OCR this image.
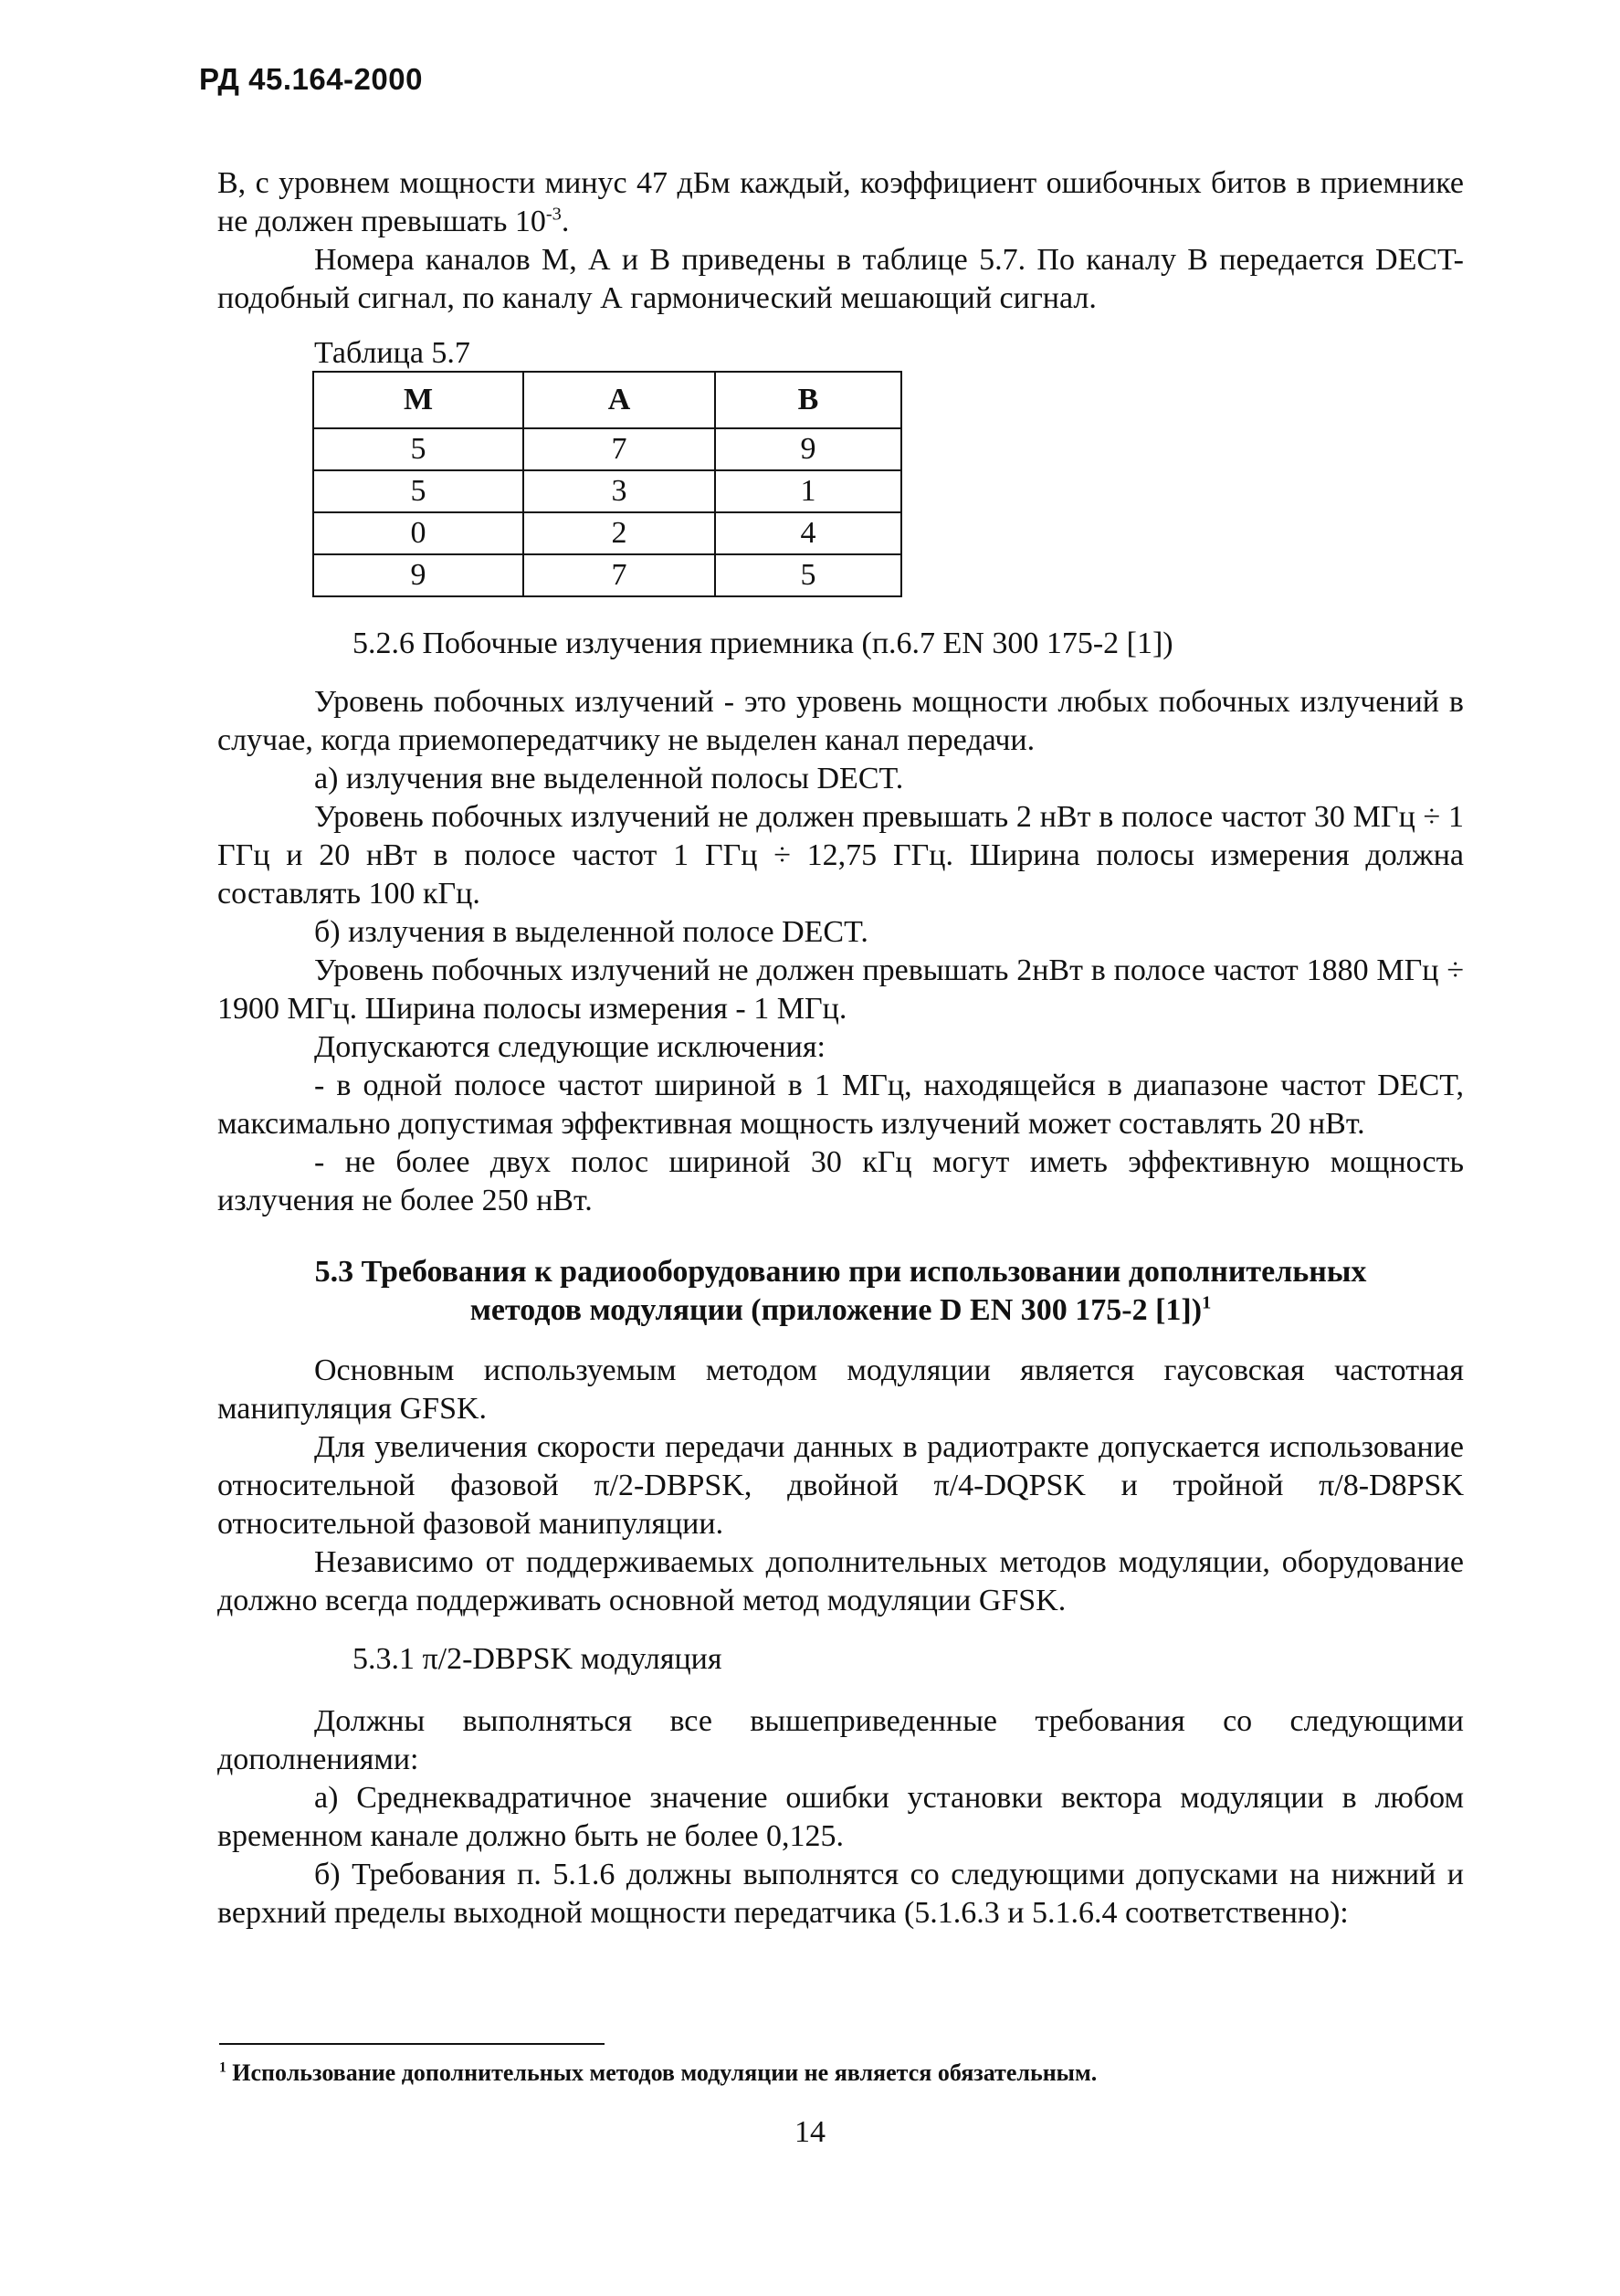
РД 45.164-2000
В, с уровнем мощности минус 47 дБм каждый, коэффициент ошибочных битов в приемнике не должен превышать $10^{-3}$.
Номера каналов М, А и В приведены в таблице 5.7. По каналу В передается DECT-подобный сигнал, по каналу А гармонический мешающий сигнал.
Таблица 5.7
М	А	В
5	7	9
5	3	1
0	2	4
9	7	5
5.2.6 Побочные излучения приемника (п.6.7 EN 300 175-2 [1])
Уровень побочных излучений - это уровень мощности любых побочных излучений в случае, когда приемопередатчику не выделен канал передачи.
а) излучения вне выделенной полосы DECT.
Уровень побочных излучений не должен превышать 2 нВт в полосе частот 30 МГц ÷ 1 ГГц и 20 нВт в полосе частот 1 ГГц ÷ 12,75 ГГц. Ширина полосы измерения должна составлять 100 кГц.
б) излучения в выделенной полосе DECT.
Уровень побочных излучений не должен превышать 2нВт в полосе частот 1880 МГц ÷ 1900 МГц. Ширина полосы измерения - 1 МГц.
Допускаются следующие исключения:
- в одной полосе частот шириной в 1 МГц, находящейся в диапазоне частот DECT, максимально допустимая эффективная мощность излучений может составлять 20 нВт.
- не более двух полос шириной 30 кГц могут иметь эффективную мощность излучения не более 250 нВт.
5.3 Требования к радиооборудованию при использовании дополнительных
методов модуляции (приложение D EN 300 175-2 [1])$^1$
Основным используемым методом модуляции является гаусовская частотная манипуляция GFSK.
Для увеличения скорости передачи данных в радиотракте допускается использование относительной фазовой π/2-DBPSK, двойной π/4-DQPSK и тройной π/8-D8PSK относительной фазовой манипуляции.
Независимо от поддерживаемых дополнительных методов модуляции, оборудование должно всегда поддерживать основной метод модуляции GFSK.
5.3.1 π/2-DBPSK модуляция
Должны выполняться все вышеприведенные требования со следующими дополнениями:
а) Среднеквадратичное значение ошибки установки вектора модуляции в любом временном канале должно быть не более 0,125.
б) Требования п. 5.1.6 должны выполнятся со следующими допусками на нижний и верхний пределы выходной мощности передатчика (5.1.6.3 и 5.1.6.4 соответственно):
$^1$ Использование дополнительных методов модуляции не является обязательным.
14
